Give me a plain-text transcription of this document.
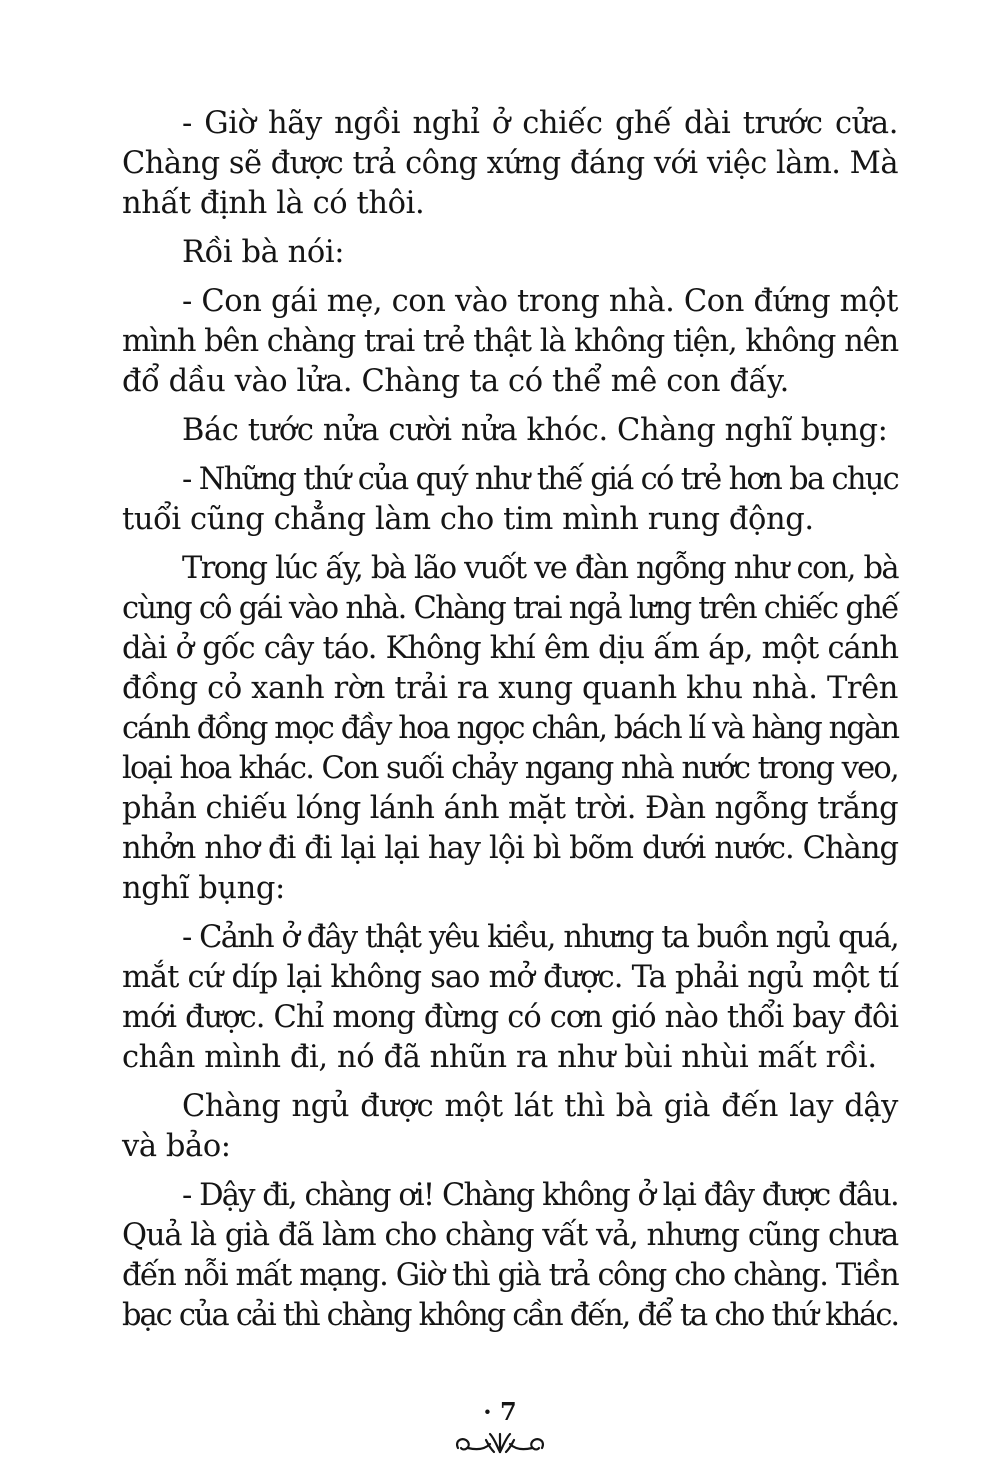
- Giờ hãy ngồi nghỉ ở chiếc ghế dài trước cửa.
Chàng sẽ được trả công xứng đáng với việc làm. Mà
nhất định là có thôi.

Rồi bà nói:

- Con gái mẹ, con vào trong nhà. Con đứng một
mình bên chàng trai trẻ thật là không tiện, không nên
đổ dầu vào lửa. Chàng ta có thể mê con đấy.

Bác tước nửa cười nửa khóc. Chàng nghĩ bụng:

- Những thứ của quý như thế giá có trẻ hơn ba chục
tuổi cũng chẳng làm cho tim mình rung động.

Trong lúc ấy, bà lão vuốt ve đàn ngỗng như con, bà
cùng cô gái vào nhà. Chàng trai ngả lưng trên chiếc ghế
dài ở gốc cây táo. Không khí êm dịu ấm áp, một cánh
đồng cỏ xanh rờn trải ra xung quanh khu nhà. Trên
cánh đồng mọc đầy hoa ngọc chân, bách lí và hàng ngàn
loại hoa khác. Con suối chảy ngang nhà nước trong veo,
phản chiếu lóng lánh ánh mặt trời. Đàn ngỗng trắng
nhởn nhơ đi đi lại lại hay lội bì bõm dưới nước. Chàng
nghĩ bụng:

- Cảnh ở đây thật yêu kiều, nhưng ta buồn ngủ quá,
mắt cứ díp lại không sao mở được. Ta phải ngủ một tí
mới được. Chỉ mong đừng có cơn gió nào thổi bay đôi
chân mình đi, nó đã nhũn ra như bùi nhùi mất rồi.

Chàng ngủ được một lát thì bà già đến lay dậy
và bảo:

- Dậy đi, chàng ơi! Chàng không ở lại đây được đâu.
Quả là già đã làm cho chàng vất vả, nhưng cũng chưa
đến nỗi mất mạng. Giờ thì già trả công cho chàng. Tiền
bạc của cải thì chàng không cần đến, để ta cho thứ khác.

· 7
